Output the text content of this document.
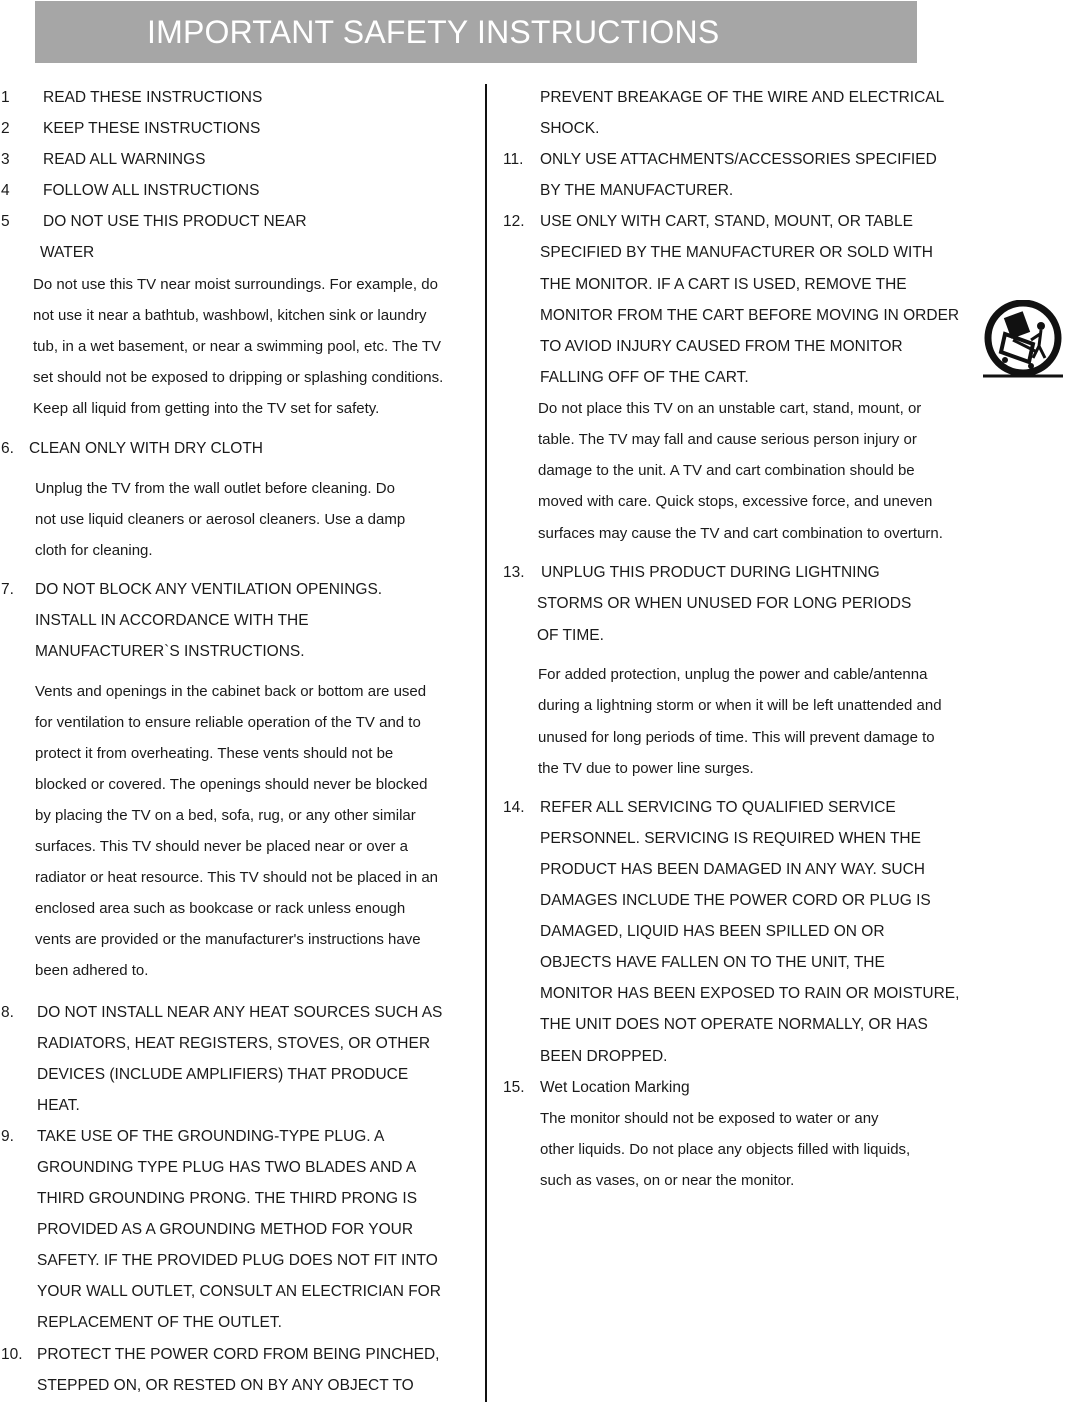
IMPORTANT SAFETY INSTRUCTIONS
1 READ THESE INSTRUCTIONS
2 KEEP THESE INSTRUCTIONS
3 READ ALL WARNINGS
4 FOLLOW ALL INSTRUCTIONS
5 DO NOT USE THIS PRODUCT NEAR
WATER
Do not use this TV near moist surroundings. For example, do
not use it near a bathtub, washbowl, kitchen sink or laundry
tub, in a wet basement, or near a swimming pool, etc. The TV
set should not be exposed to dripping or splashing conditions.
Keep all liquid from getting into the TV set for safety.
6. CLEAN ONLY WITH DRY CLOTH
Unplug the TV from the wall outlet before cleaning. Do
not use liquid cleaners or aerosol cleaners. Use a damp
cloth for cleaning.
7. DO NOT BLOCK ANY VENTILATION OPENINGS.
INSTALL IN ACCORDANCE WITH THE
MANUFACTURER`S INSTRUCTIONS.
Vents and openings in the cabinet back or bottom are used
for ventilation to ensure reliable operation of the TV and to
protect it from overheating. These vents should not be
blocked or covered. The openings should never be blocked
by placing the TV on a bed, sofa, rug, or any other similar
surfaces. This TV should never be placed near or over a
radiator or heat resource. This TV should not be placed in an
enclosed area such as bookcase or rack unless enough
vents are provided or the manufacturer's instructions have
been adhered to.
8. DO NOT INSTALL NEAR ANY HEAT SOURCES SUCH AS
RADIATORS, HEAT REGISTERS, STOVES, OR OTHER
DEVICES (INCLUDE AMPLIFIERS) THAT PRODUCE
HEAT.
9. TAKE USE OF THE GROUNDING-TYPE PLUG. A
GROUNDING TYPE PLUG HAS TWO BLADES AND A
THIRD GROUNDING PRONG. THE THIRD PRONG IS
PROVIDED AS A GROUNDING METHOD FOR YOUR
SAFETY. IF THE PROVIDED PLUG DOES NOT FIT INTO
YOUR WALL OUTLET, CONSULT AN ELECTRICIAN FOR
REPLACEMENT OF THE OUTLET.
10. PROTECT THE POWER CORD FROM BEING PINCHED,
STEPPED ON, OR RESTED ON BY ANY OBJECT TO
PREVENT BREAKAGE OF THE WIRE AND ELECTRICAL
SHOCK.
11. ONLY USE ATTACHMENTS/ACCESSORIES SPECIFIED
BY THE MANUFACTURER.
12. USE ONLY WITH CART, STAND, MOUNT, OR TABLE
SPECIFIED BY THE MANUFACTURER OR SOLD WITH
THE MONITOR. IF A CART IS USED, REMOVE THE
MONITOR FROM THE CART BEFORE MOVING IN ORDER
TO AVIOD INJURY CAUSED FROM THE MONITOR
FALLING OFF OF THE CART.
Do not place this TV on an unstable cart, stand, mount, or
table. The TV may fall and cause serious person injury or
damage to the unit. A TV and cart combination should be
moved with care. Quick stops, excessive force, and uneven
surfaces may cause the TV and cart combination to overturn.
13. UNPLUG THIS PRODUCT DURING LIGHTNING
STORMS OR WHEN UNUSED FOR LONG PERIODS
OF TIME.
For added protection, unplug the power and cable/antenna
during a lightning storm or when it will be left unattended and
unused for long periods of time. This will prevent damage to
the TV due to power line surges.
14. REFER ALL SERVICING TO QUALIFIED SERVICE
PERSONNEL. SERVICING IS REQUIRED WHEN THE
PRODUCT HAS BEEN DAMAGED IN ANY WAY. SUCH
DAMAGES INCLUDE THE POWER CORD OR PLUG IS
DAMAGED, LIQUID HAS BEEN SPILLED ON OR
OBJECTS HAVE FALLEN ON TO THE UNIT, THE
MONITOR HAS BEEN EXPOSED TO RAIN OR MOISTURE,
THE UNIT DOES NOT OPERATE NORMALLY, OR HAS
BEEN DROPPED.
15. Wet Location Marking
The monitor should not be exposed to water or any
other liquids. Do not place any objects filled with liquids,
such as vases, on or near the monitor.
